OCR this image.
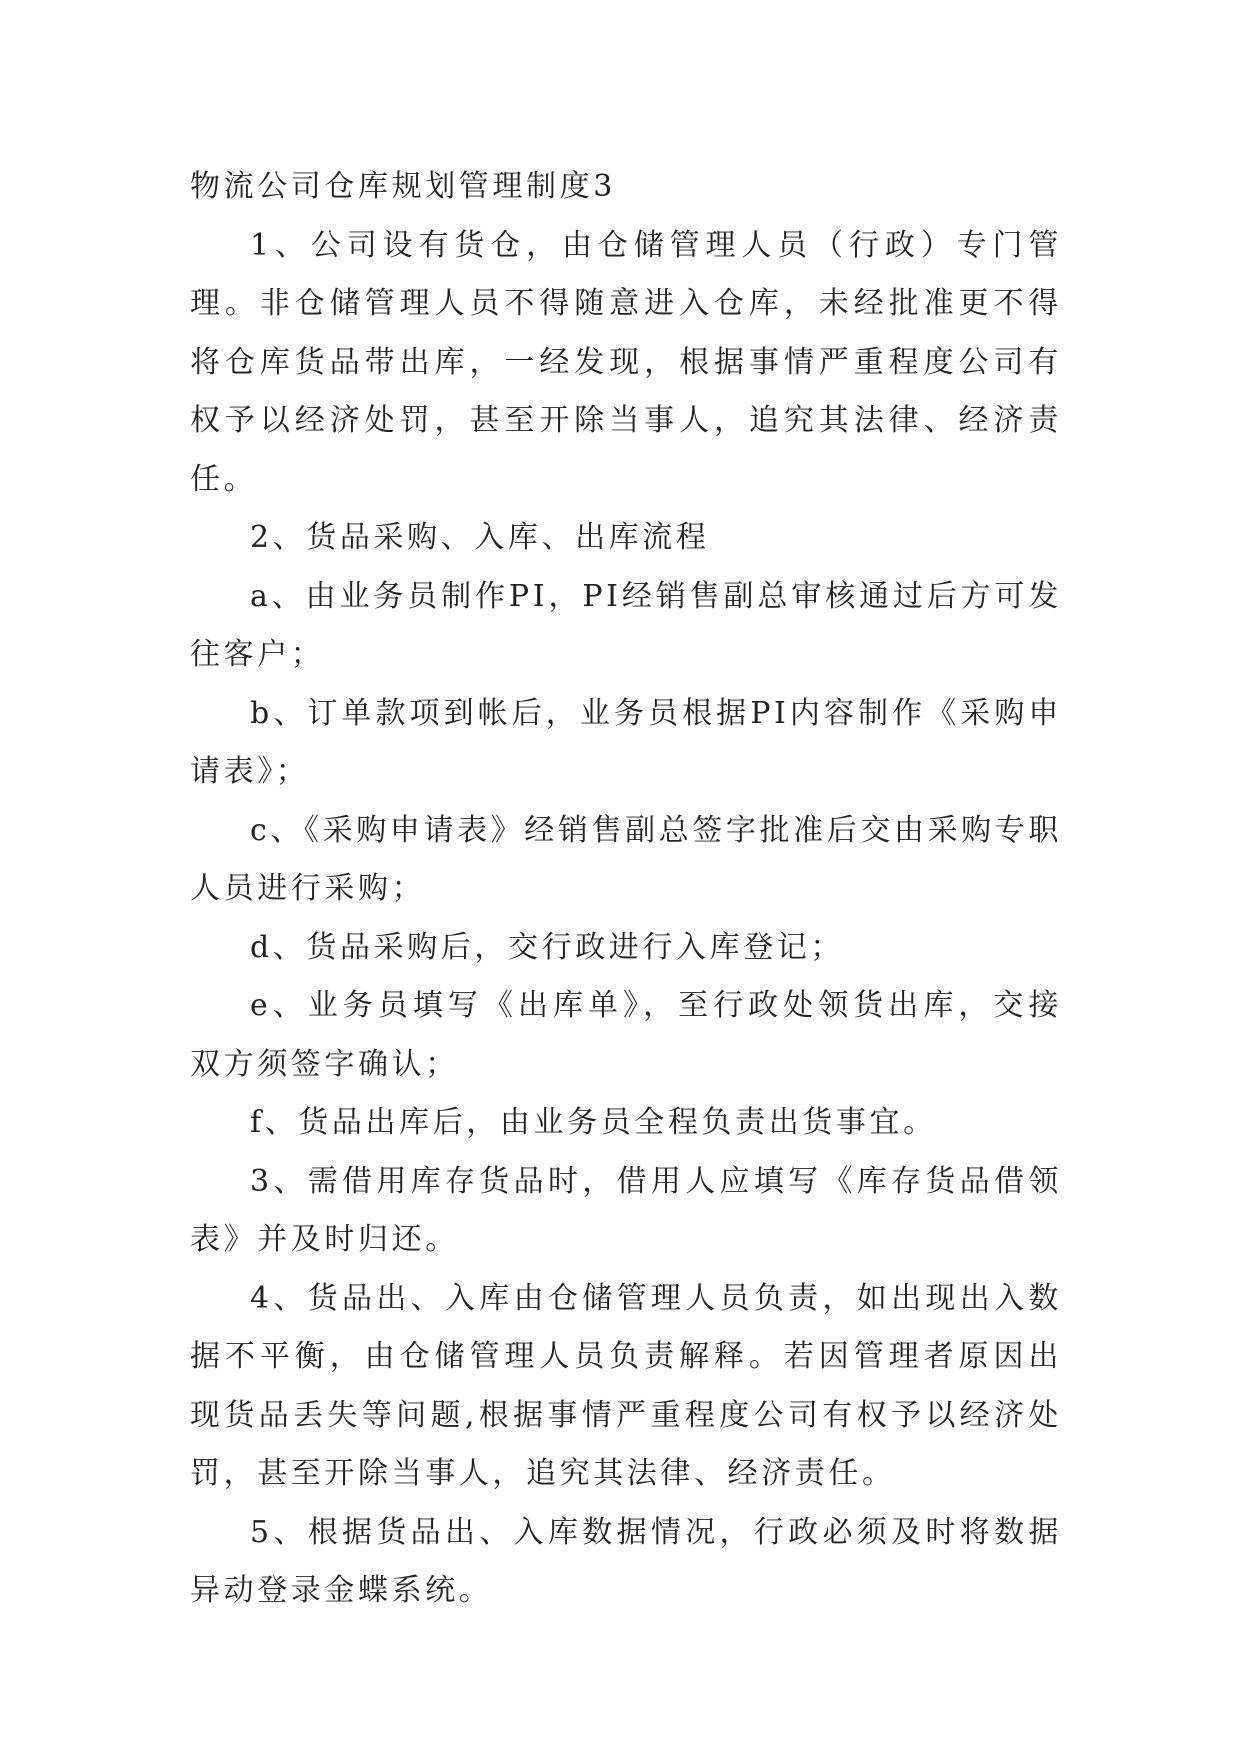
物流公司仓库规划管理制度3

1、公司设有货仓，由仓储管理人员（行政）专门管理。非仓储管理人员不得随意进入仓库，未经批准更不得将仓库货品带出库，一经发现，根据事情严重程度公司有权予以经济处罚，甚至开除当事人，追究其法律、经济责任。

2、货品采购、入库、出库流程

a、由业务员制作PI，PI经销售副总审核通过后方可发往客户；

b、订单款项到帐后，业务员根据PI内容制作《采购申请表》；

c、《采购申请表》经销售副总签字批准后交由采购专职人员进行采购；

d、货品采购后，交行政进行入库登记；

e、业务员填写《出库单》，至行政处领货出库，交接双方须签字确认；

f、货品出库后，由业务员全程负责出货事宜。

3、需借用库存货品时，借用人应填写《库存货品借领表》并及时归还。

4、货品出、入库由仓储管理人员负责，如出现出入数据不平衡，由仓储管理人员负责解释。若因管理者原因出现货品丢失等问题,根据事情严重程度公司有权予以经济处罚，甚至开除当事人，追究其法律、经济责任。

5、根据货品出、入库数据情况，行政必须及时将数据异动登录金蝶系统。
